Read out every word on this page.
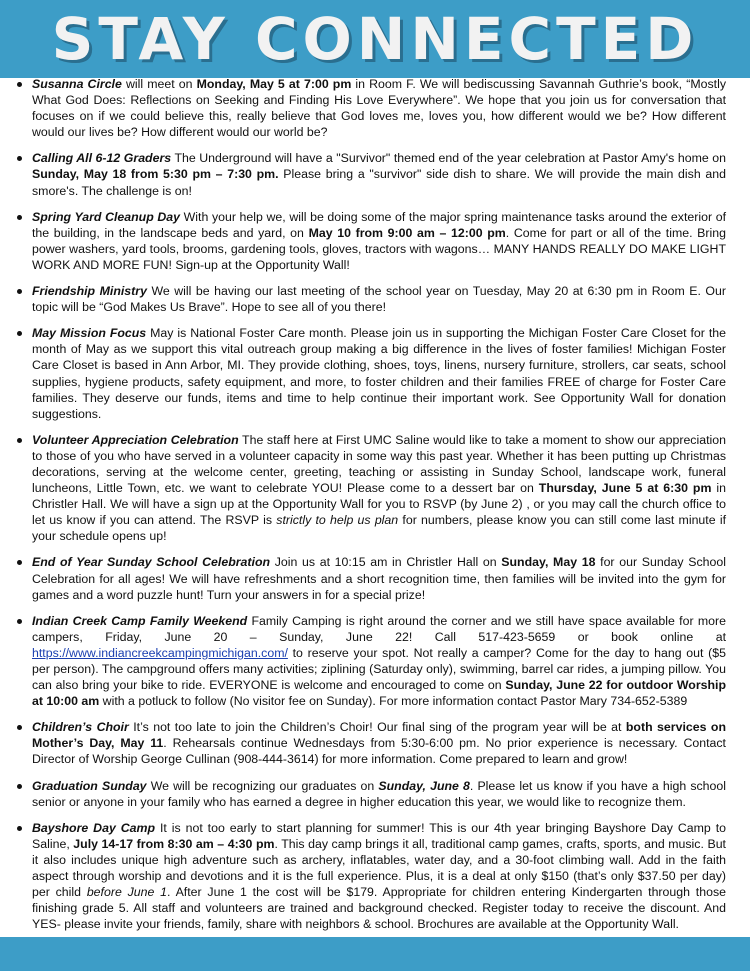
STAY CONNECTED
Susanna Circle will meet on Monday, May 5 at 7:00 pm in Room F. We will bediscussing Savannah Guthrie’s book, “Mostly What God Does: Reflections on Seeking and Finding His Love Everywhere”. We hope that you join us for conversation that focuses on if we could believe this, really believe that God loves me, loves you, how different would we be? How different would our lives be? How different would our world be?
Calling All 6-12 Graders The Underground will have a "Survivor" themed end of the year celebration at Pastor Amy's home on Sunday, May 18 from 5:30 pm – 7:30 pm. Please bring a "survivor" side dish to share. We will provide the main dish and smore's. The challenge is on!
Spring Yard Cleanup Day With your help we, will be doing some of the major spring maintenance tasks around the exterior of the building, in the landscape beds and yard, on May 10 from 9:00 am – 12:00 pm. Come for part or all of the time. Bring power washers, yard tools, brooms, gardening tools, gloves, tractors with wagons… MANY HANDS REALLY DO MAKE LIGHT WORK AND MORE FUN! Sign-up at the Opportunity Wall!
Friendship Ministry We will be having our last meeting of the school year on Tuesday, May 20 at 6:30 pm in Room E. Our topic will be “God Makes Us Brave”. Hope to see all of you there!
May Mission Focus May is National Foster Care month. Please join us in supporting the Michigan Foster Care Closet for the month of May as we support this vital outreach group making a big difference in the lives of foster families! Michigan Foster Care Closet is based in Ann Arbor, MI. They provide clothing, shoes, toys, linens, nursery furniture, strollers, car seats, school supplies, hygiene products, safety equipment, and more, to foster children and their families FREE of charge for Foster Care families. They deserve our funds, items and time to help continue their important work. See Opportunity Wall for donation suggestions.
Volunteer Appreciation Celebration The staff here at First UMC Saline would like to take a moment to show our appreciation to those of you who have served in a volunteer capacity in some way this past year. Whether it has been putting up Christmas decorations, serving at the welcome center, greeting, teaching or assisting in Sunday School, landscape work, funeral luncheons, Little Town, etc. we want to celebrate YOU! Please come to a dessert bar on Thursday, June 5 at 6:30 pm in Christler Hall. We will have a sign up at the Opportunity Wall for you to RSVP (by June 2) , or you may call the church office to let us know if you can attend. The RSVP is strictly to help us plan for numbers, please know you can still come last minute if your schedule opens up!
End of Year Sunday School Celebration Join us at 10:15 am in Christler Hall on Sunday, May 18 for our Sunday School Celebration for all ages! We will have refreshments and a short recognition time, then families will be invited into the gym for games and a word puzzle hunt! Turn your answers in for a special prize!
Indian Creek Camp Family Weekend Family Camping is right around the corner and we still have space available for more campers, Friday, June 20 – Sunday, June 22! Call 517-423-5659 or book online at https://www.indiancreekcampingmichigan.com/ to reserve your spot. Not really a camper? Come for the day to hang out ($5 per person). The campground offers many activities; ziplining (Saturday only), swimming, barrel car rides, a jumping pillow. You can also bring your bike to ride. EVERYONE is welcome and encouraged to come on Sunday, June 22 for outdoor Worship at 10:00 am with a potluck to follow (No visitor fee on Sunday). For more information contact Pastor Mary 734-652-5389
Children’s Choir It’s not too late to join the Children’s Choir! Our final sing of the program year will be at both services on Mother’s Day, May 11. Rehearsals continue Wednesdays from 5:30-6:00 pm. No prior experience is necessary. Contact Director of Worship George Cullinan (908-444-3614) for more information. Come prepared to learn and grow!
Graduation Sunday We will be recognizing our graduates on Sunday, June 8. Please let us know if you have a high school senior or anyone in your family who has earned a degree in higher education this year, we would like to recognize them.
Bayshore Day Camp It is not too early to start planning for summer! This is our 4th year bringing Bayshore Day Camp to Saline, July 14-17 from 8:30 am – 4:30 pm. This day camp brings it all, traditional camp games, crafts, sports, and music. But it also includes unique high adventure such as archery, inflatables, water day, and a 30-foot climbing wall. Add in the faith aspect through worship and devotions and it is the full experience. Plus, it is a deal at only $150 (that’s only $37.50 per day) per child before June 1. After June 1 the cost will be $179. Appropriate for children entering Kindergarten through those finishing grade 5. All staff and volunteers are trained and background checked. Register today to receive the discount. And YES- please invite your friends, family, share with neighbors & school. Brochures are available at the Opportunity Wall.
